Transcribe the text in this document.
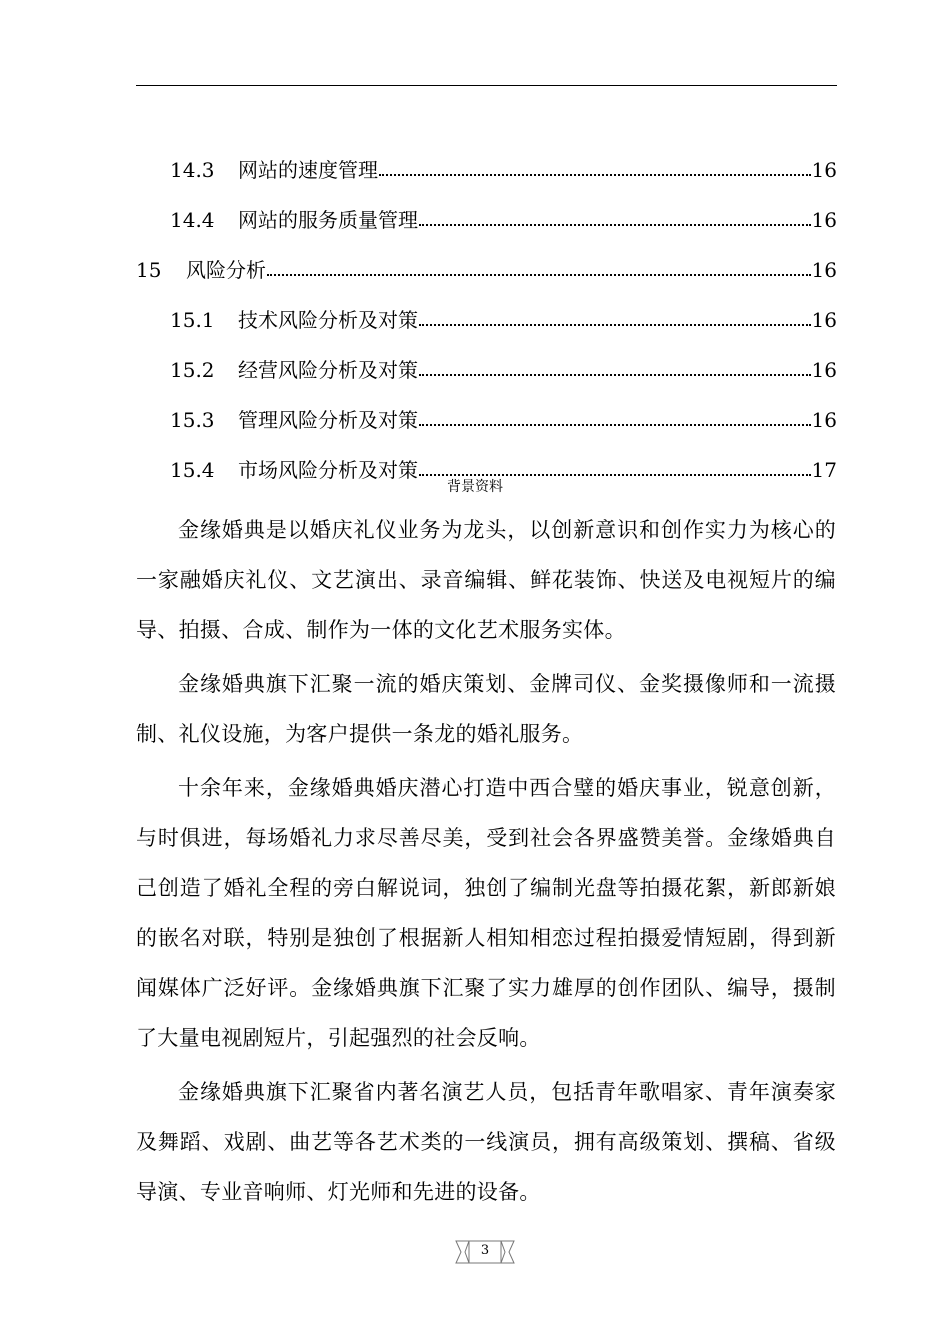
14.3	网站的速度管理	16
14.4	网站的服务质量管理	16
15	风险分析	16
15.1	技术风险分析及对策	16
15.2	经营风险分析及对策	16
15.3	管理风险分析及对策	16
15.4	市场风险分析及对策	17
背景资料

金缘婚典是以婚庆礼仪业务为龙头，以创新意识和创作实力为核心的一家融婚庆礼仪、文艺演出、录音编辑、鲜花装饰、快送及电视短片的编导、拍摄、合成、制作为一体的文化艺术服务实体。

金缘婚典旗下汇聚一流的婚庆策划、金牌司仪、金奖摄像师和一流摄制、礼仪设施，为客户提供一条龙的婚礼服务。

十余年来，金缘婚典婚庆潜心打造中西合璧的婚庆事业，锐意创新，与时俱进，每场婚礼力求尽善尽美，受到社会各界盛赞美誉。金缘婚典自己创造了婚礼全程的旁白解说词，独创了编制光盘等拍摄花絮，新郎新娘的嵌名对联，特别是独创了根据新人相知相恋过程拍摄爱情短剧，得到新闻媒体广泛好评。金缘婚典旗下汇聚了实力雄厚的创作团队、编导，摄制了大量电视剧短片，引起强烈的社会反响。

金缘婚典旗下汇聚省内著名演艺人员，包括青年歌唱家、青年演奏家及舞蹈、戏剧、曲艺等各艺术类的一线演员，拥有高级策划、撰稿、省级导演、专业音响师、灯光师和先进的设备。

3
